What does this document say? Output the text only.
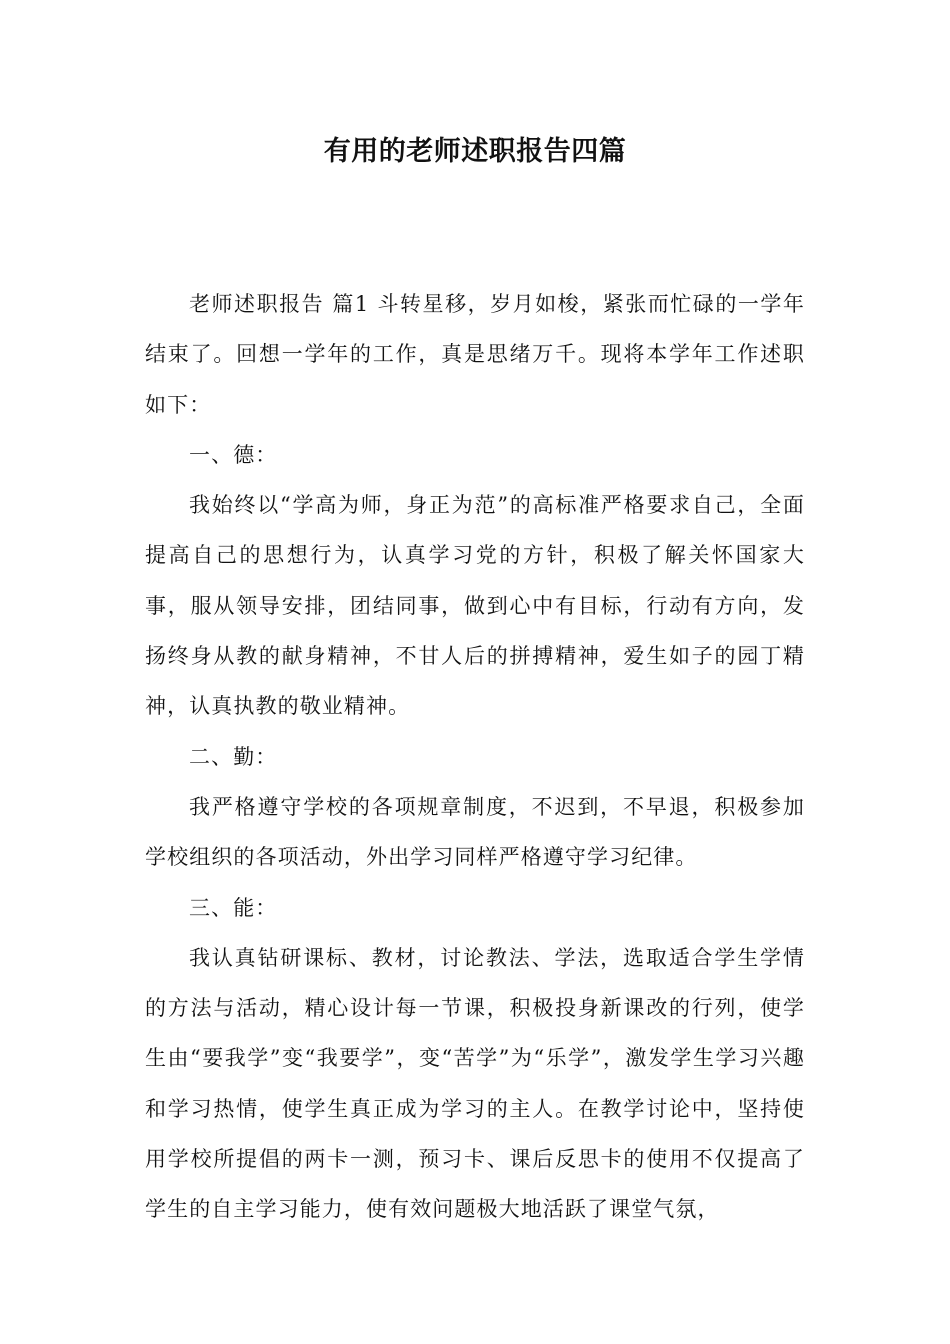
有用的老师述职报告四篇

老师述职报告 篇1 斗转星移，岁月如梭，紧张而忙碌的一学年结束了。回想一学年的工作，真是思绪万千。现将本学年工作述职如下：

一、德：

我始终以“学高为师，身正为范”的高标准严格要求自己，全面提高自己的思想行为，认真学习党的方针，积极了解关怀国家大事，服从领导安排，团结同事，做到心中有目标，行动有方向，发扬终身从教的献身精神，不甘人后的拼搏精神，爱生如子的园丁精神，认真执教的敬业精神。

二、勤：

我严格遵守学校的各项规章制度，不迟到，不早退，积极参加学校组织的各项活动，外出学习同样严格遵守学习纪律。

三、能：

我认真钻研课标、教材，讨论教法、学法，选取适合学生学情的方法与活动，精心设计每一节课，积极投身新课改的行列，使学生由“要我学”变“我要学”，变“苦学”为“乐学”，激发学生学习兴趣和学习热情，使学生真正成为学习的主人。在教学讨论中，坚持使用学校所提倡的两卡一测，预习卡、课后反思卡的使用不仅提高了学生的自主学习能力，使有效问题极大地活跃了课堂气氛，
